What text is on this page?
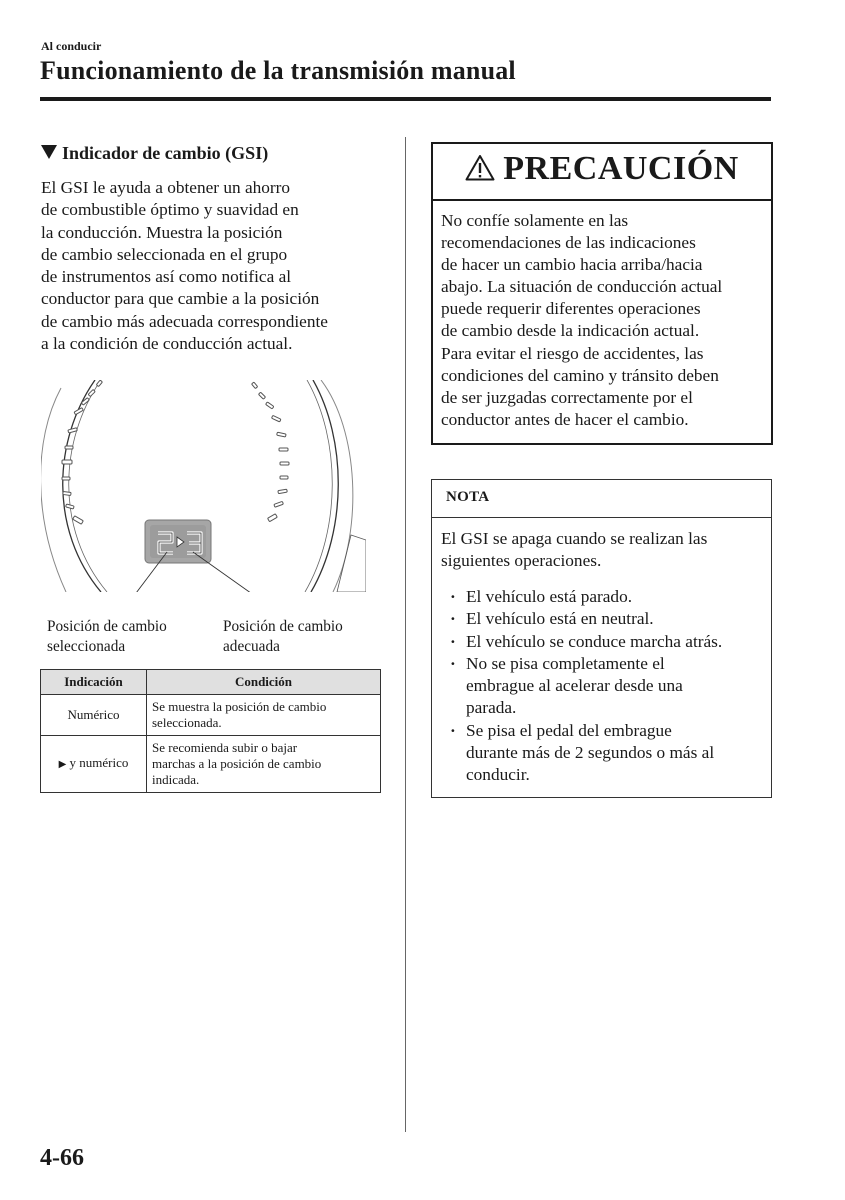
Al conducir
Funcionamiento de la transmisión manual
Indicador de cambio (GSI)
El GSI le ayuda a obtener un ahorro
de combustible óptimo y suavidad en
la conducción. Muestra la posición
de cambio seleccionada en el grupo
de instrumentos así como notifica al
conductor para que cambie a la posición
de cambio más adecuada correspondiente
a la condición de conducción actual.
Posición de cambio
seleccionada
Posición de cambio
adecuada
Indicación	Condición
Numérico	Se muestra la posición de cambio
seleccionada.

▶ y numérico	Se recomienda subir o bajar
marchas a la posición de cambio
indicada.
PRECAUCIÓN
No confíe solamente en las
recomendaciones de las indicaciones
de hacer un cambio hacia arriba/hacia
abajo. La situación de conducción actual
puede requerir diferentes operaciones
de cambio desde la indicación actual.
Para evitar el riesgo de accidentes, las
condiciones del camino y tránsito deben
de ser juzgadas correctamente por el
conductor antes de hacer el cambio.
NOTA
El GSI se apaga cuando se realizan las
siguientes operaciones.
· El vehículo está parado.
· El vehículo está en neutral.
· El vehículo se conduce marcha atrás.
· No se pisa completamente el
embrague al acelerar desde una
parada.
· Se pisa el pedal del embrague
durante más de 2 segundos o más al
conducir.
4-66
